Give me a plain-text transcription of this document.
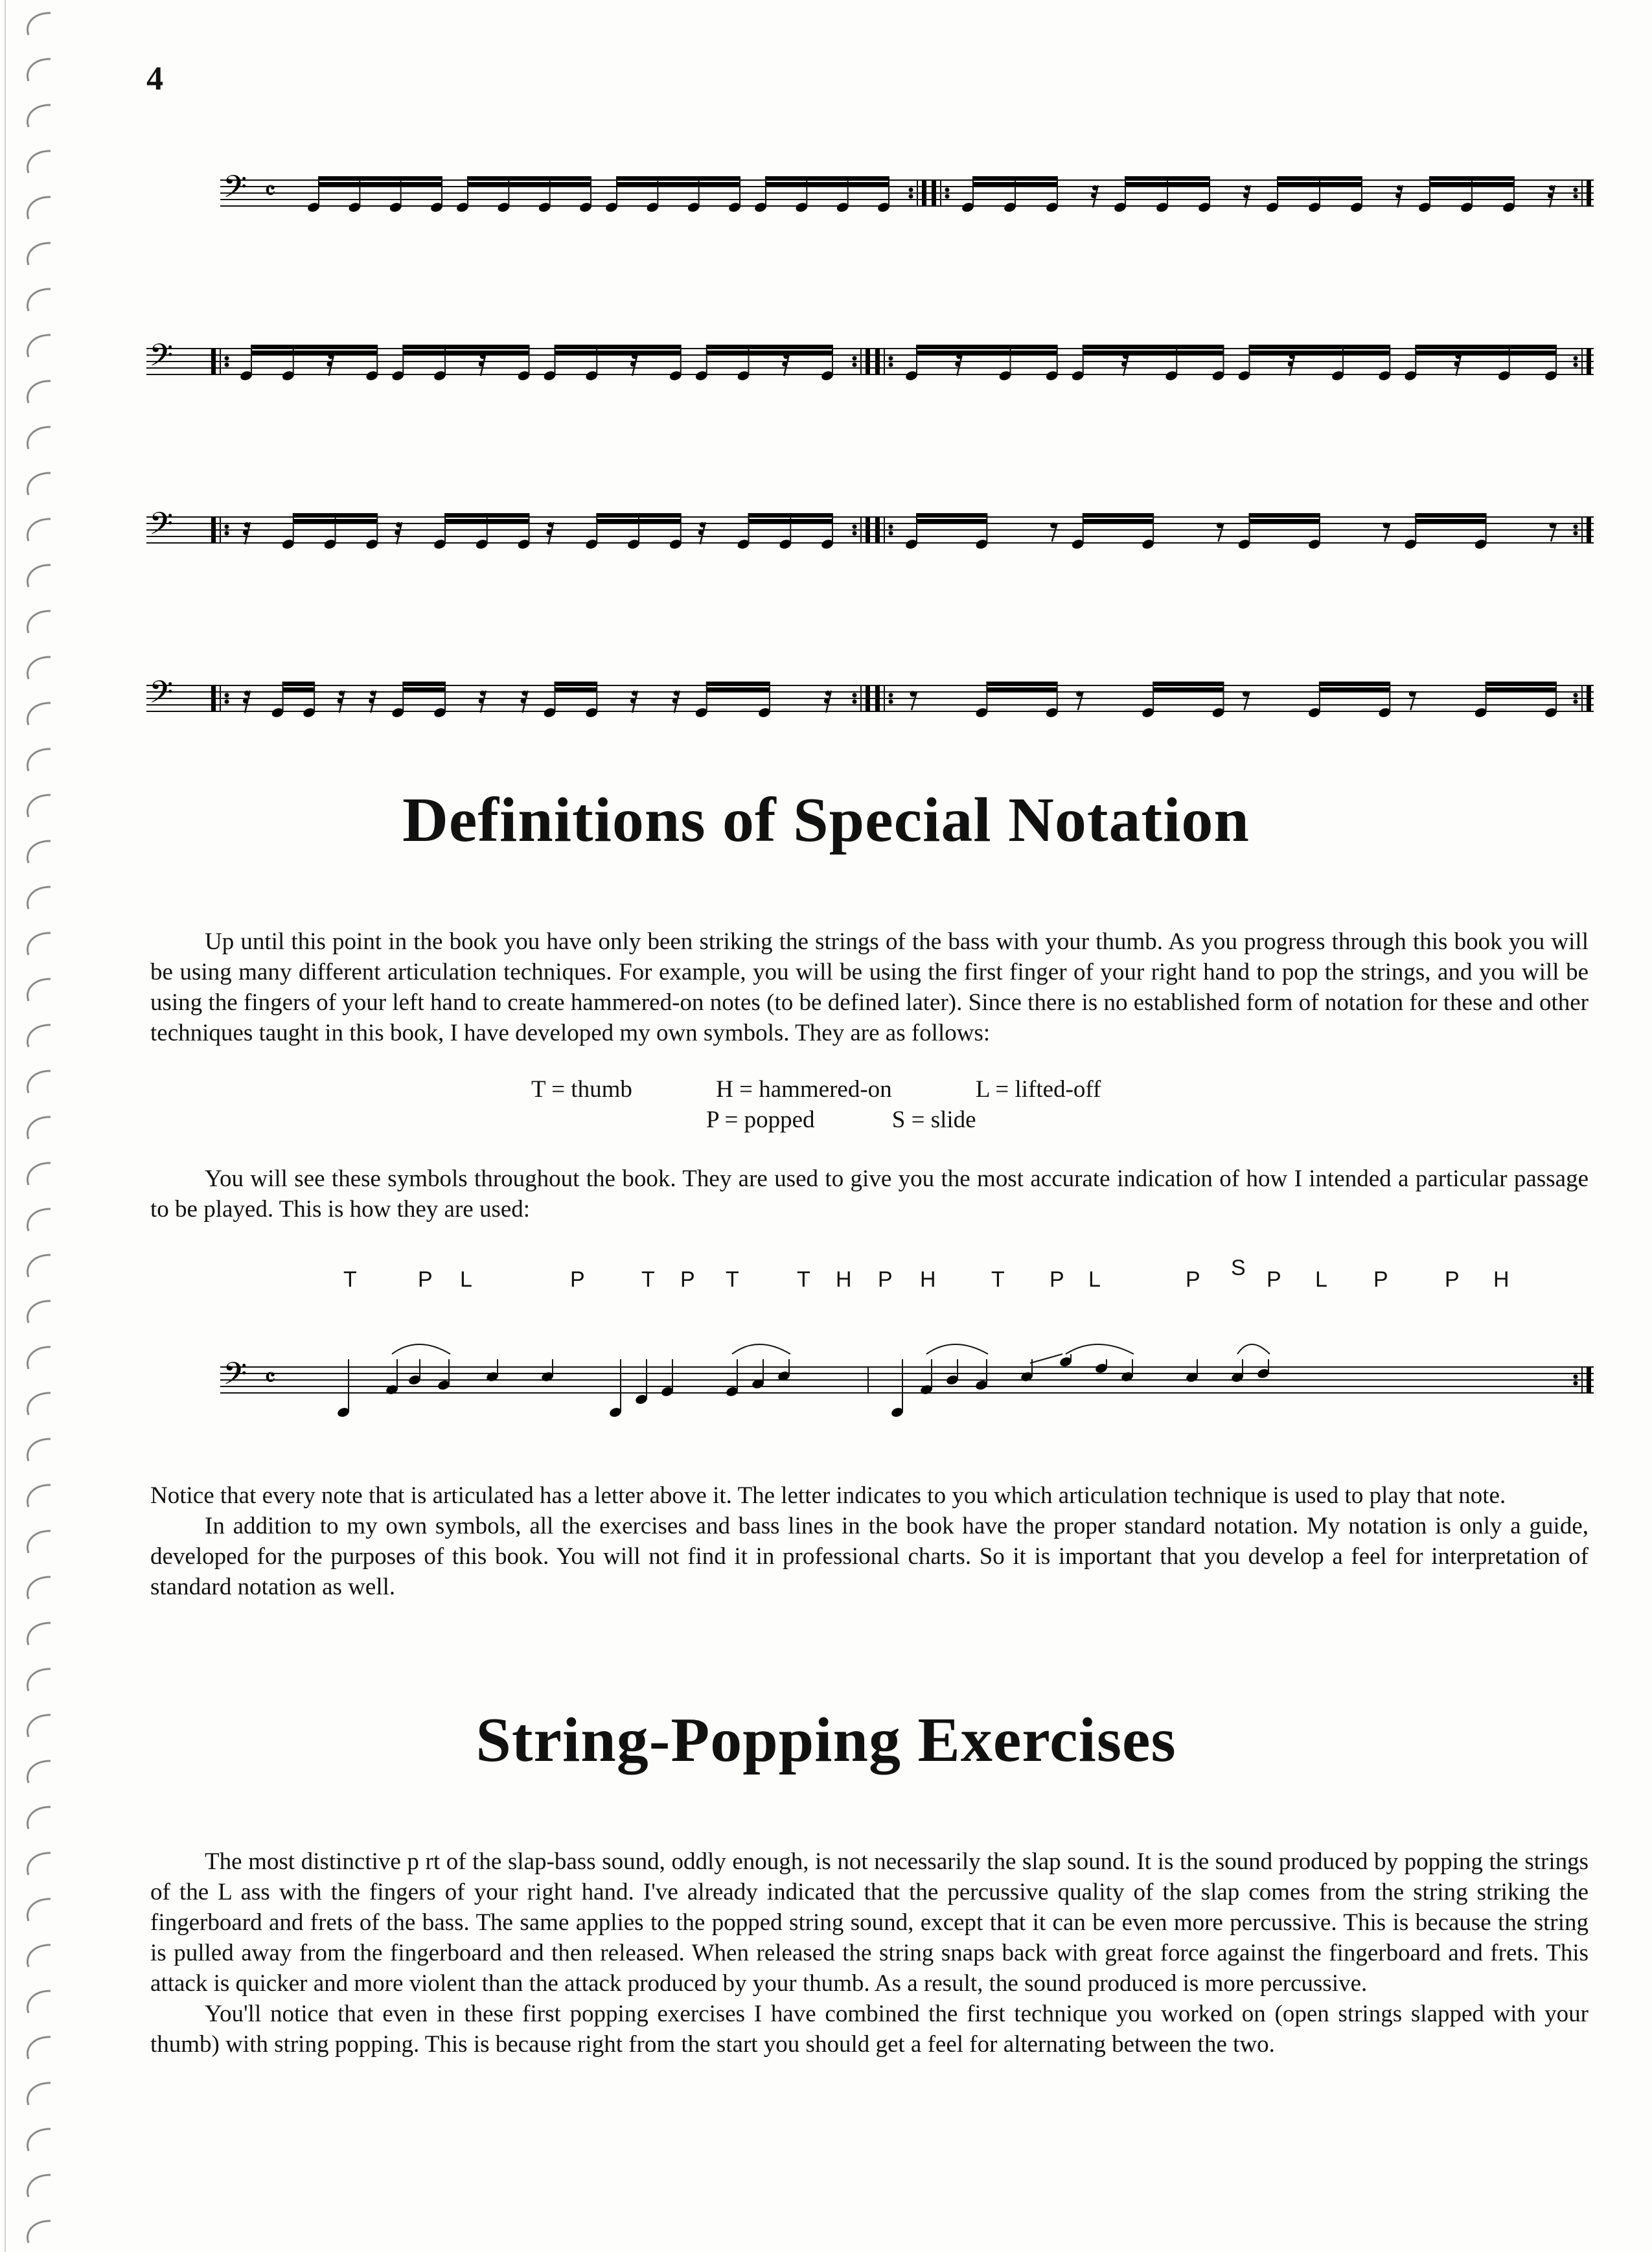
4
𝄢 𝄴
𝄢
𝄢
𝄢
Definitions of Special Notation

Up until this point in the book you have only been striking the strings of the bass with your thumb. As you progress through this book you will be using many different articulation techniques. For example, you will be using the first finger of your right hand to pop the strings, and you will be using the fingers of your left hand to create hammered-on notes (to be defined later). Since there is no established form of notation for these and other techniques taught in this book, I have developed my own symbols. They are as follows:

T = thumb	H = hammered-on	L = lifted-off
P = popped	S = slide

You will see these symbols throughout the book. They are used to give you the most accurate indication of how I intended a particular passage to be played. This is how they are used:

T	P L	P	T P T	T H P H	T P L	P S P L P	P H
𝄢 𝄴

Notice that every note that is articulated has a letter above it. The letter indicates to you which articulation technique is used to play that note.

In addition to my own symbols, all the exercises and bass lines in the book have the proper standard notation. My notation is only a guide, developed for the purposes of this book. You will not find it in professional charts. So it is important that you develop a feel for interpretation of standard notation as well.

String-Popping Exercises

The most distinctive p rt of the slap-bass sound, oddly enough, is not necessarily the slap sound. It is the sound produced by popping the strings of the L ass with the fingers of your right hand. I've already indicated that the percussive quality of the slap comes from the string striking the fingerboard and frets of the bass. The same applies to the popped string sound, except that it can be even more percussive. This is because the string is pulled away from the fingerboard and then released. When released the string snaps back with great force against the fingerboard and frets. This attack is quicker and more violent than the attack produced by your thumb. As a result, the sound produced is more percussive.

You'll notice that even in these first popping exercises I have combined the first technique you worked on (open strings slapped with your thumb) with string popping. This is because right from the start you should get a feel for alternating between the two.
